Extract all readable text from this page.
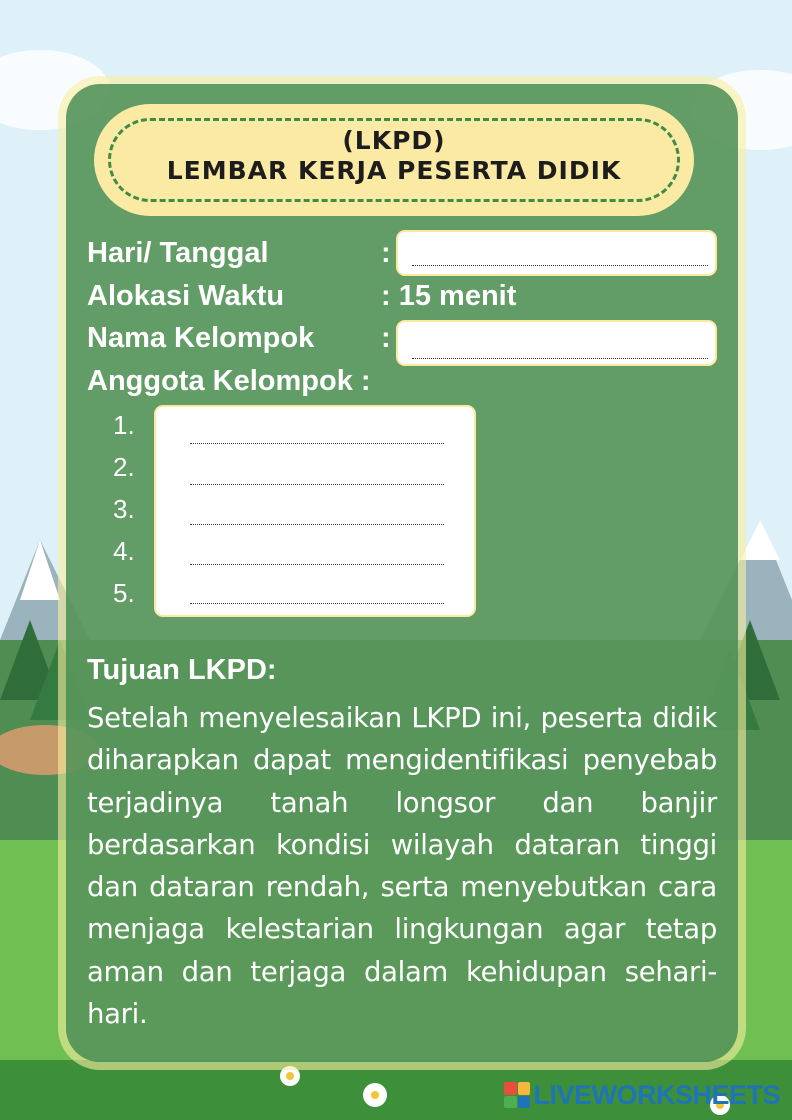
(LKPD)
LEMBAR KERJA PESERTA DIDIK
Hari/ Tanggal	:
Alokasi Waktu	: 15 menit
Nama Kelompok :
Anggota Kelompok :
1.
2.
3.
4.
5.
Tujuan LKPD:
Setelah menyelesaikan LKPD ini, peserta didik diharapkan dapat mengidentifikasi penyebab terjadinya tanah longsor dan banjir berdasarkan kondisi wilayah dataran tinggi dan dataran rendah, serta menyebutkan cara menjaga kelestarian lingkungan agar tetap aman dan terjaga dalam kehidupan sehari-hari.
LIVEWORKSHEETS
